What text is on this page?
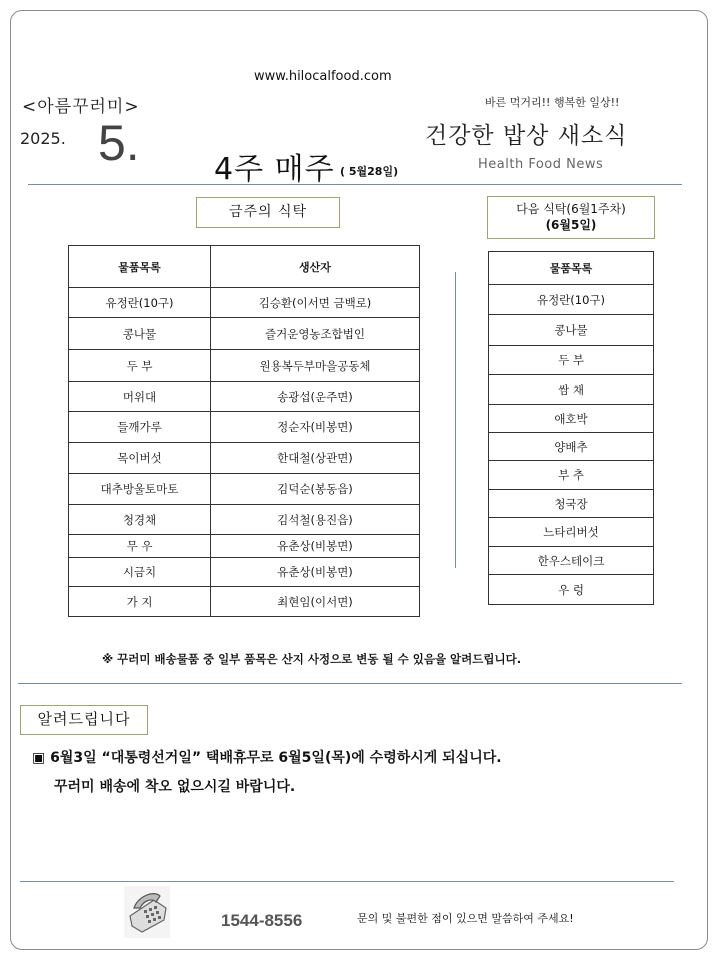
www.hilocalfood.com
<아름꾸러미>
2025. 5. 4주 매주 ( 5월28일)
바른 먹거리!! 행복한 일상!!
건강한 밥상 새소식
Health Food News
금주의 식탁	다음 식탁(6월1주차)
(6월5일)
물품목록	생산자
유정란(10구)	김승환(이서면 금백로)
콩나물	즐거운영농조합법인
두 부	원용복두부마을공동체
머위대	송광섭(운주면)
들깨가루	정순자(비봉면)
목이버섯	한대철(상관면)
대추방울토마토	김덕순(봉동읍)
청경채	김석철(용진읍)
무 우	유춘상(비봉면)
시금치	유춘상(비봉면)
가 지	최현임(이서면)
물품목록
유정란(10구)
콩나물
두 부
쌈 채
애호박
양배추
부 추
청국장
느타리버섯
한우스테이크
우 렁
※ 꾸러미 배송물품 중 일부 품목은 산지 사정으로 변동 될 수 있음을 알려드립니다.
알려드립니다
▣ 6월3일 “대통령선거일” 택배휴무로 6월5일(목)에 수령하시게 되십니다.
꾸러미 배송에 착오 없으시길 바랍니다.
1544-8556	문의 및 불편한 점이 있으면 말씀하여 주세요!
